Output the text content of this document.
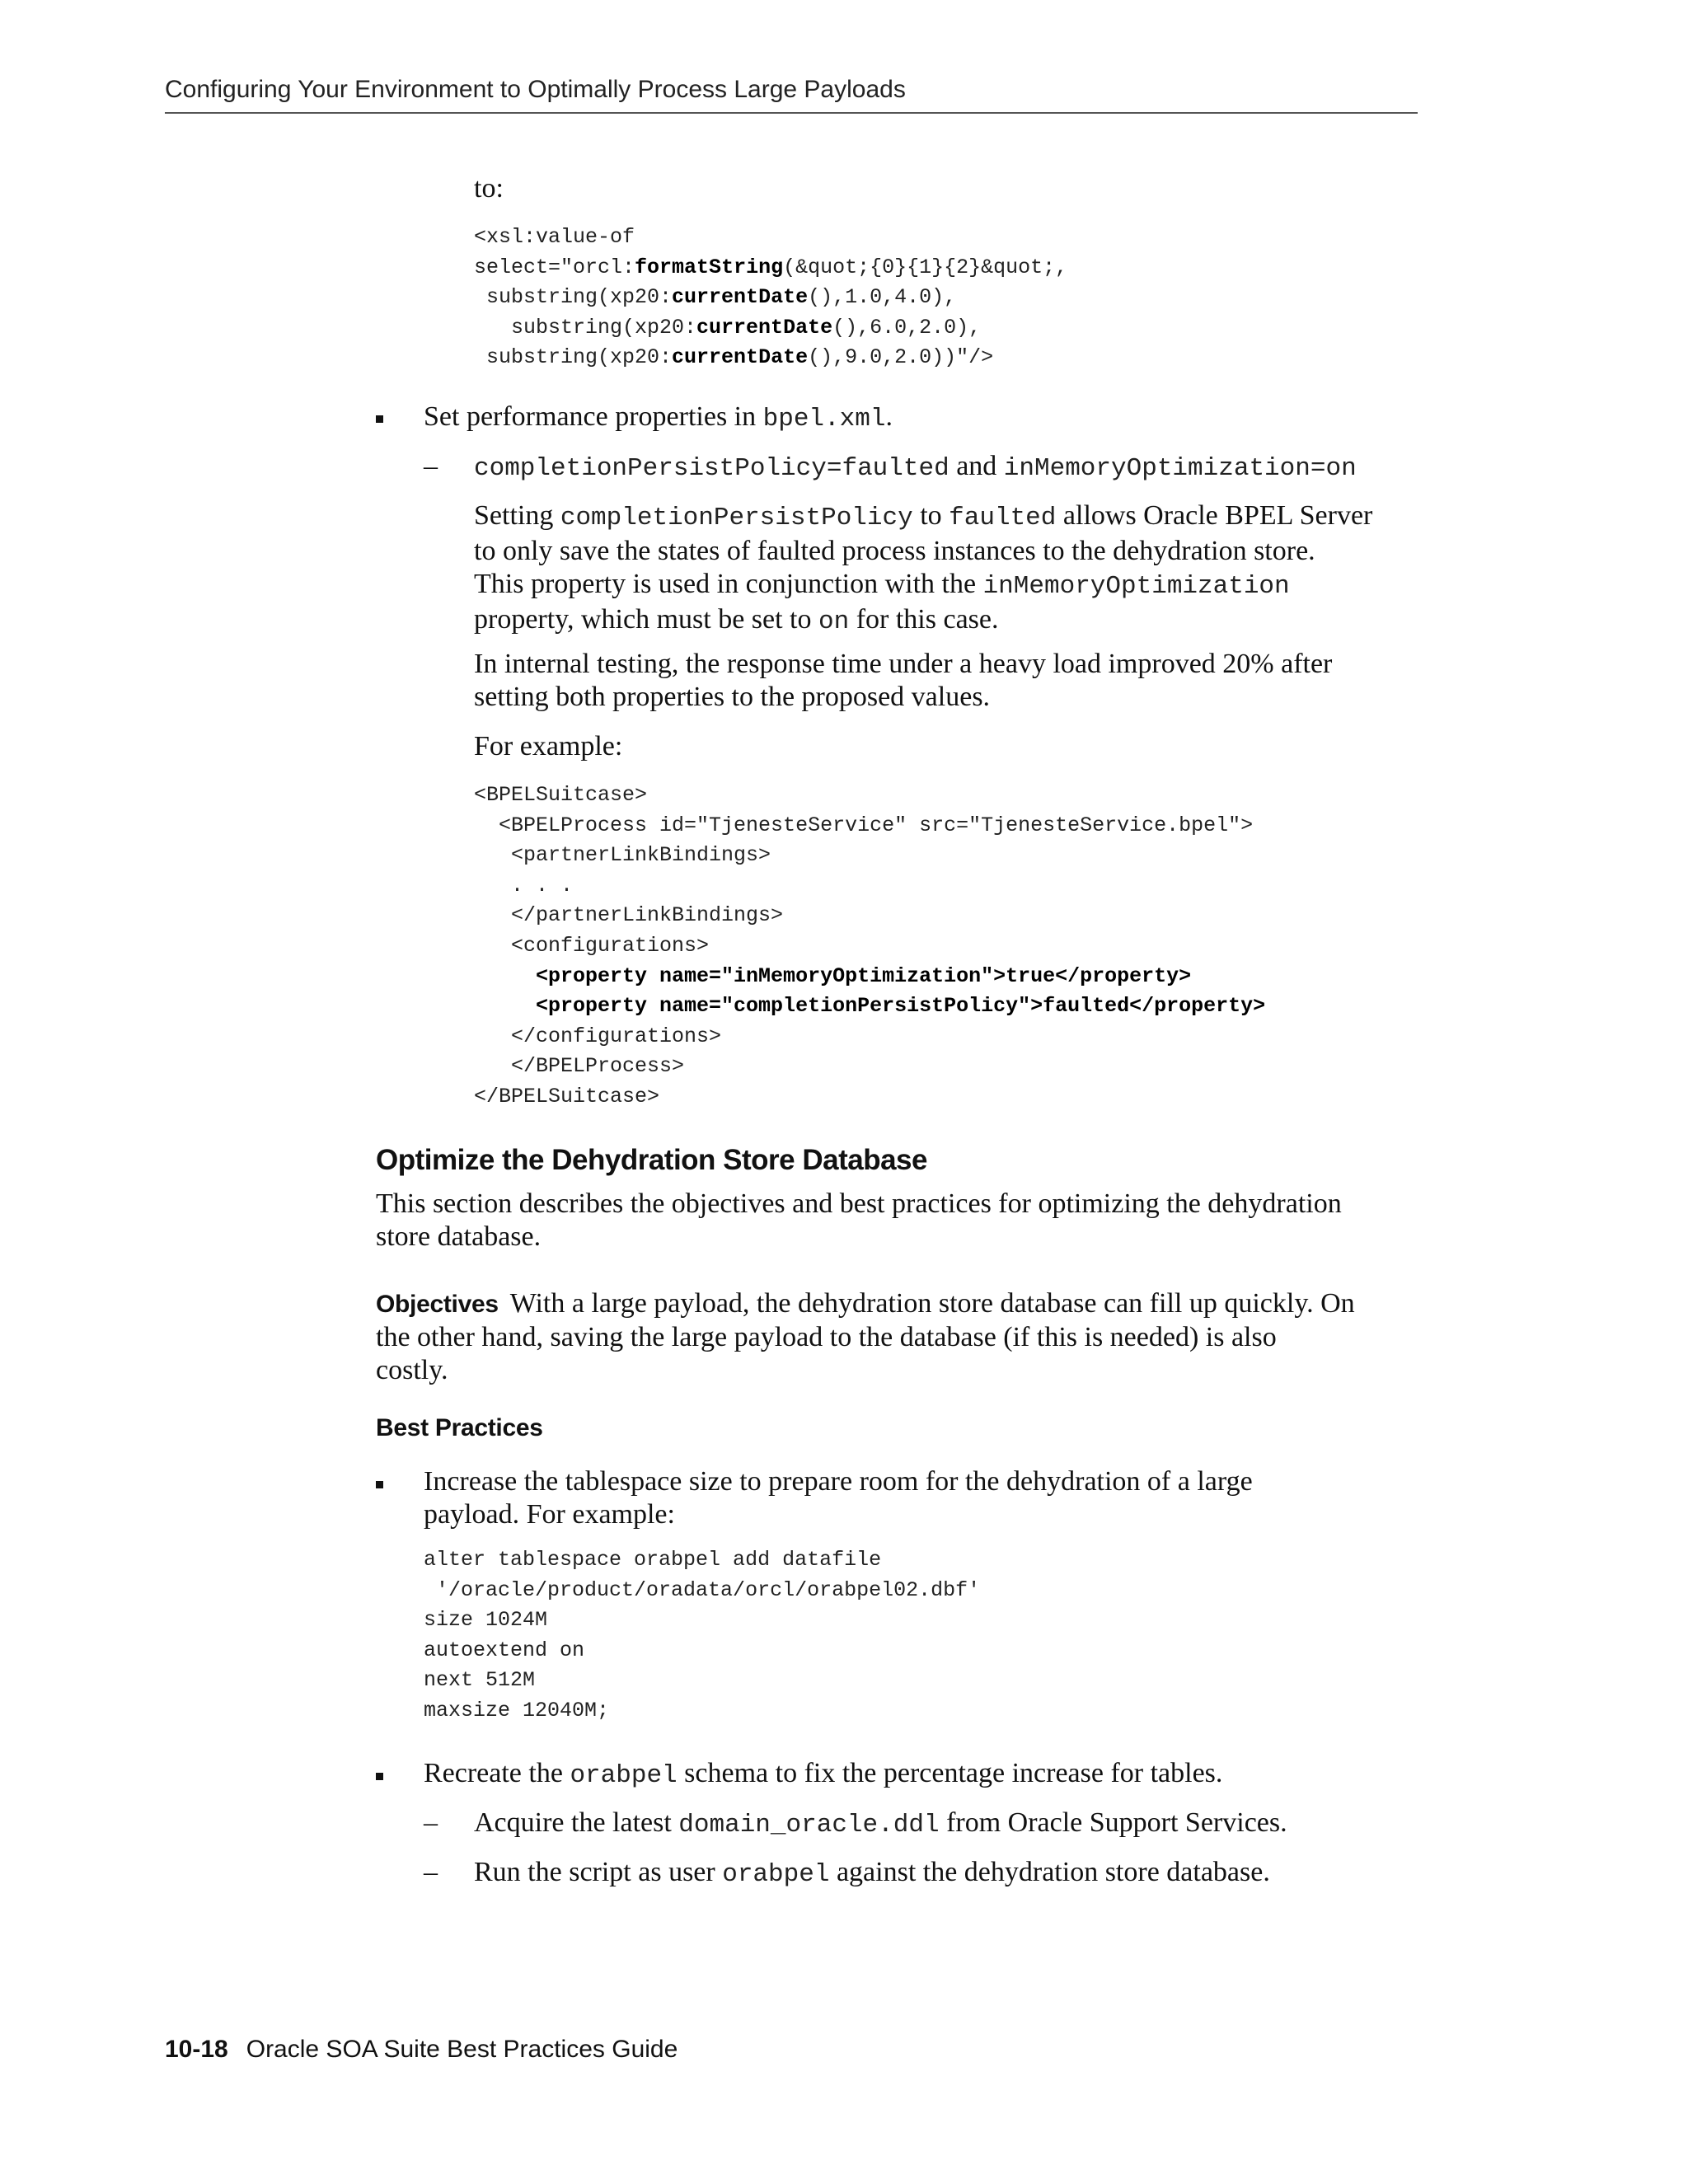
Configuring Your Environment to Optimally Process Large Payloads
to:
<xsl:value-of
select="orcl:formatString(&quot;{0}{1}{2}&quot;,
substring(xp20:currentDate(),1.0,4.0),
substring(xp20:currentDate(),6.0,2.0),
substring(xp20:currentDate(),9.0,2.0))"/>
Set performance properties in bpel.xml.
– completionPersistPolicy=faulted and inMemoryOptimization=on
Setting completionPersistPolicy to faulted allows Oracle BPEL Server
to only save the states of faulted process instances to the dehydration store.
This property is used in conjunction with the inMemoryOptimization
property, which must be set to on for this case.
In internal testing, the response time under a heavy load improved 20% after
setting both properties to the proposed values.
For example:
<BPELSuitcase>
<BPELProcess id="TjenesteService" src="TjenesteService.bpel">
<partnerLinkBindings>
. . .
</partnerLinkBindings>
<configurations>
<property name="inMemoryOptimization">true</property>
<property name="completionPersistPolicy">faulted</property>
</configurations>
</BPELProcess>
</BPELSuitcase>
Optimize the Dehydration Store Database
This section describes the objectives and best practices for optimizing the dehydration
store database.
Objectives With a large payload, the dehydration store database can fill up quickly. On
the other hand, saving the large payload to the database (if this is needed) is also
costly.
Best Practices
Increase the tablespace size to prepare room for the dehydration of a large
payload. For example:
alter tablespace orabpel add datafile
'/oracle/product/oradata/orcl/orabpel02.dbf'
size 1024M
autoextend on
next 512M
maxsize 12040M;
Recreate the orabpel schema to fix the percentage increase for tables.
– Acquire the latest domain_oracle.ddl from Oracle Support Services.
– Run the script as user orabpel against the dehydration store database.
10-18 Oracle SOA Suite Best Practices Guide
